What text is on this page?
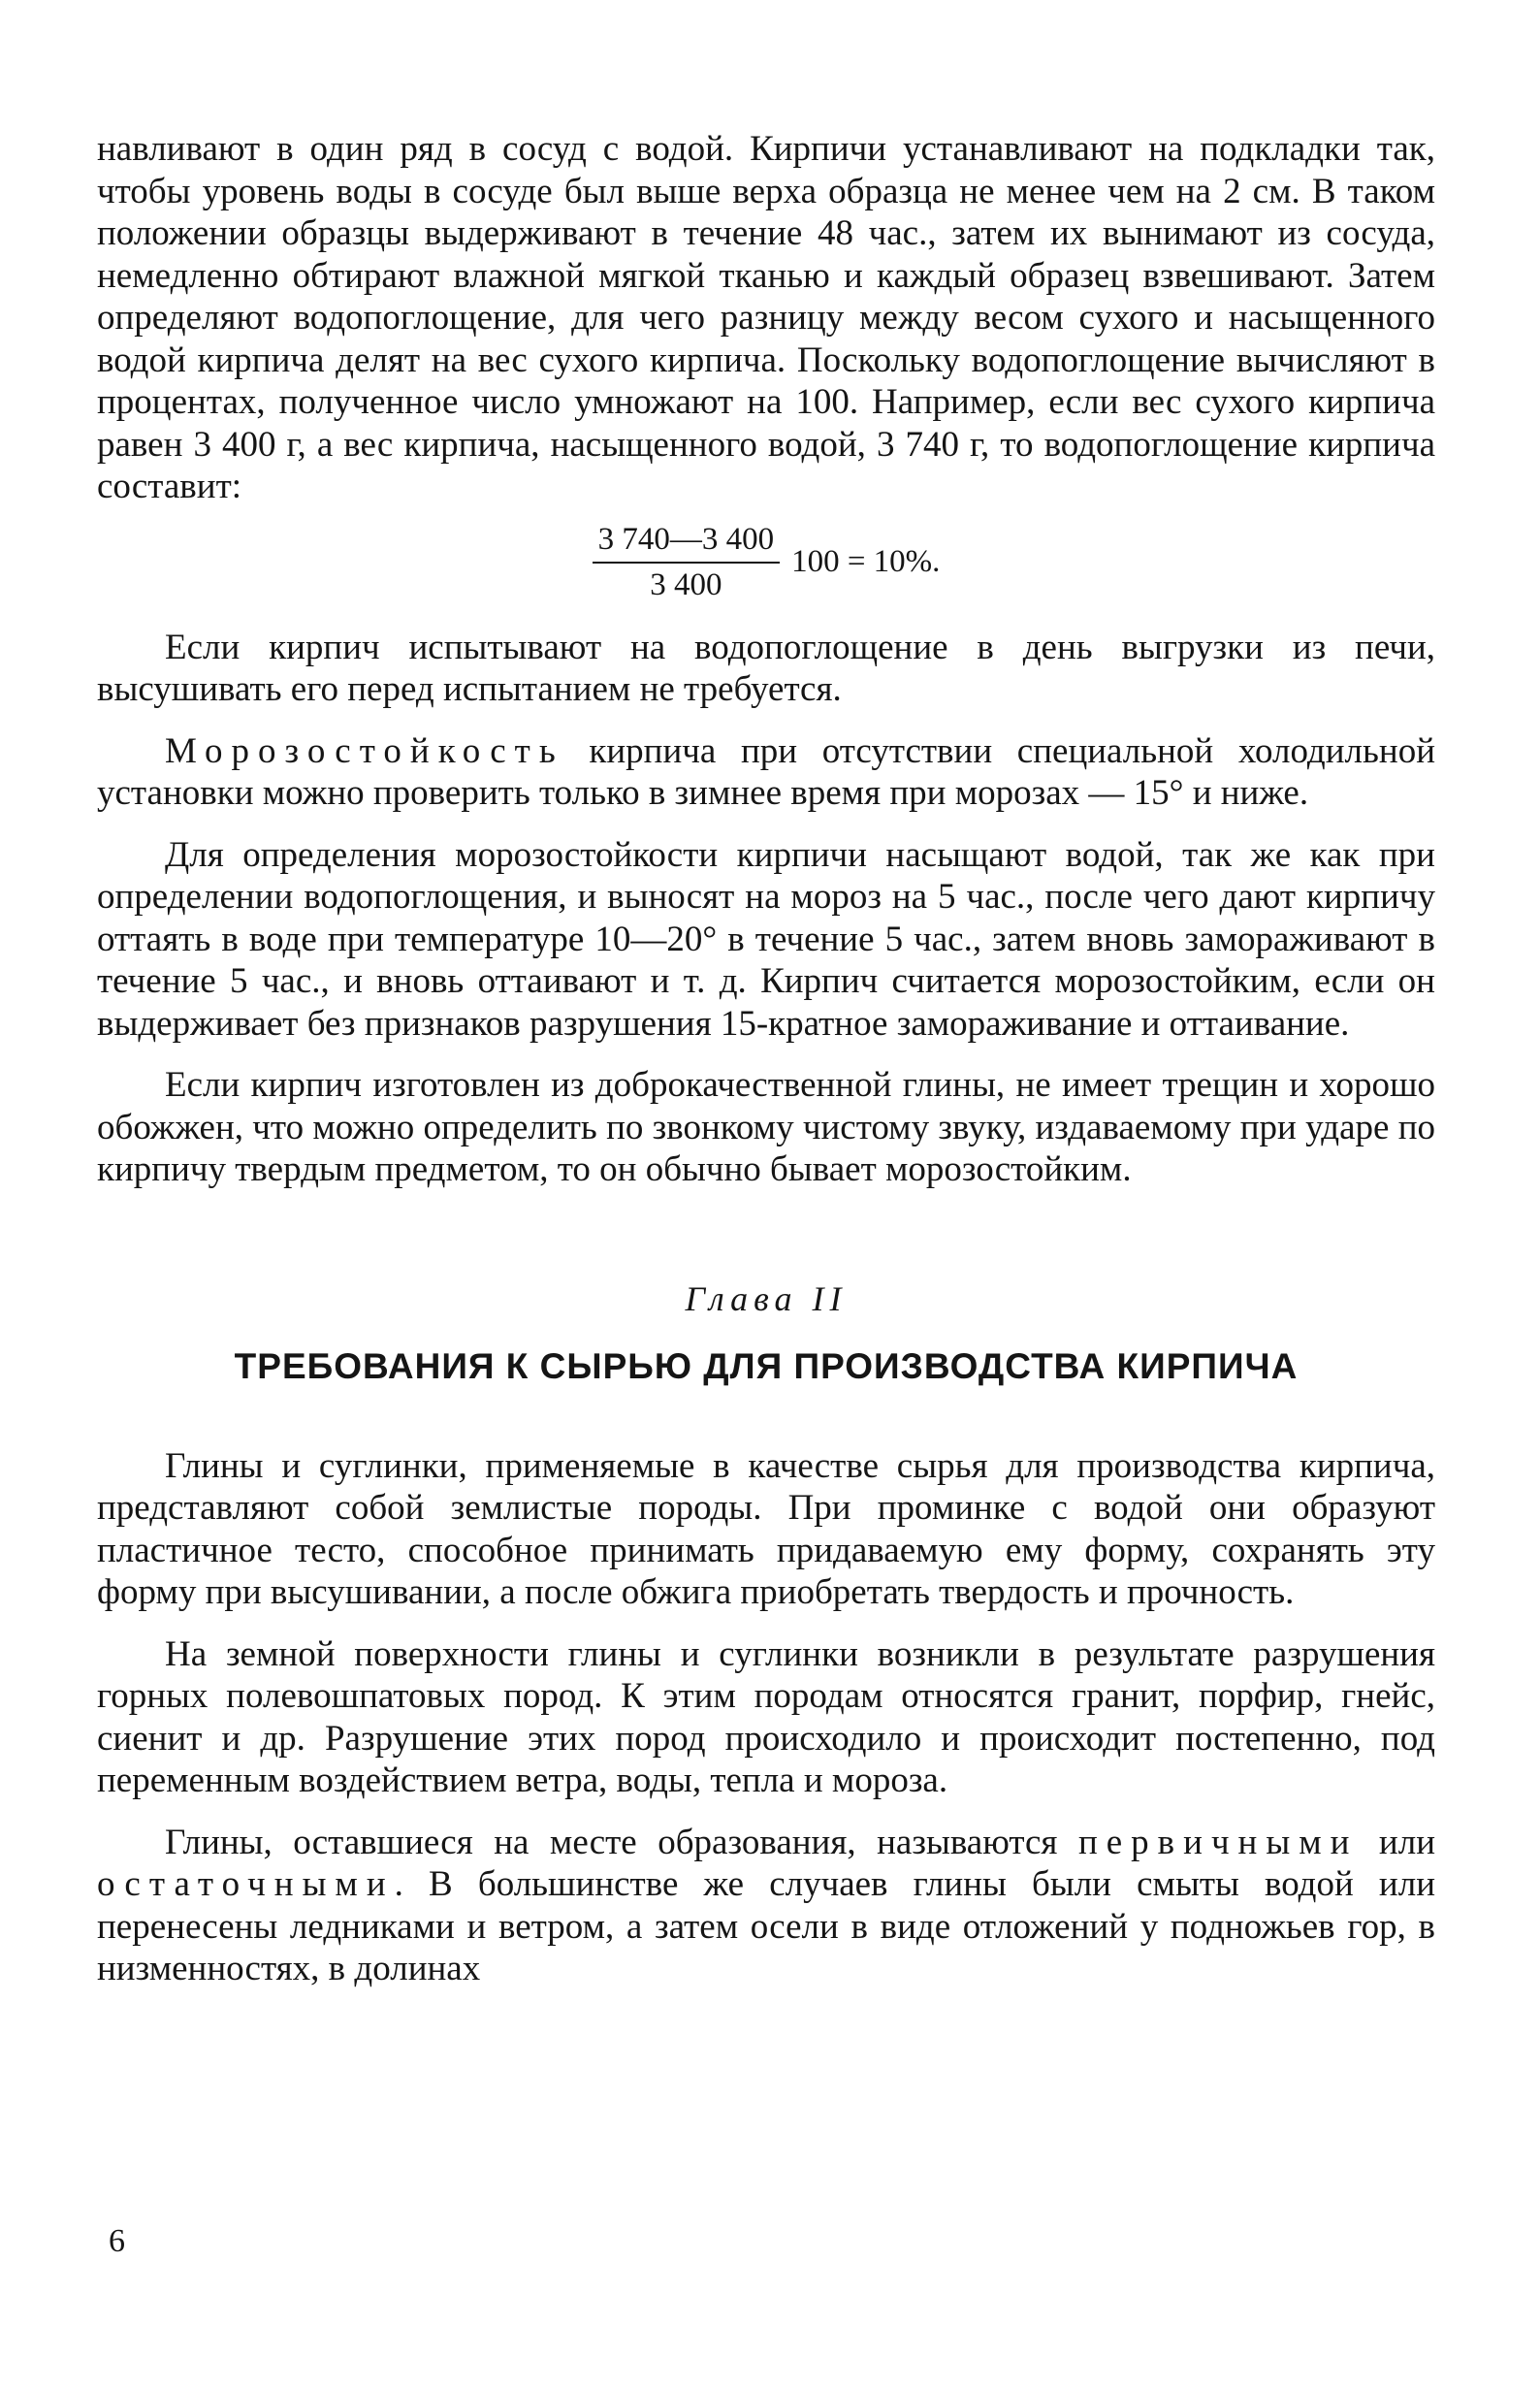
навливают в один ряд в сосуд с водой. Кирпичи устанавливают на подкладки так, чтобы уровень воды в сосуде был выше верха образца не менее чем на 2 см. В таком положении образцы выдерживают в течение 48 час., затем их вынимают из сосуда, немедленно обтирают влажной мягкой тканью и каждый образец взвешивают. Затем определяют водопоглощение, для чего разницу между весом сухого и насыщенного водой кирпича делят на вес сухого кирпича. Поскольку водопоглощение вычисляют в процентах, полученное число умножают на 100. Например, если вес сухого кирпича равен 3 400 г, а вес кирпича, насыщенного водой, 3 740 г, то водопоглощение кирпича составит:

$\frac{3 740—3 400}{3 400} 100 = 10\%$.

Если кирпич испытывают на водопоглощение в день выгрузки из печи, высушивать его перед испытанием не требуется.

Морозостойкость кирпича при отсутствии специальной холодильной установки можно проверить только в зимнее время при морозах — 15° и ниже.

Для определения морозостойкости кирпичи насыщают водой, так же как при определении водопоглощения, и выносят на мороз на 5 час., после чего дают кирпичу оттаять в воде при температуре 10—20° в течение 5 час., затем вновь замораживают в течение 5 час., и вновь оттаивают и т. д. Кирпич считается морозостойким, если он выдерживает без признаков разрушения 15-кратное замораживание и оттаивание.

Если кирпич изготовлен из доброкачественной глины, не имеет трещин и хорошо обожжен, что можно определить по звонкому чистому звуку, издаваемому при ударе по кирпичу твердым предметом, то он обычно бывает морозостойким.

Глава II
ТРЕБОВАНИЯ К СЫРЬЮ ДЛЯ ПРОИЗВОДСТВА КИРПИЧА

Глины и суглинки, применяемые в качестве сырья для производства кирпича, представляют собой землистые породы. При проминке с водой они образуют пластичное тесто, способное принимать придаваемую ему форму, сохранять эту форму при высушивании, а после обжига приобретать твердость и прочность.

На земной поверхности глины и суглинки возникли в результате разрушения горных полевошпатовых пород. К этим породам относятся гранит, порфир, гнейс, сиенит и др. Разрушение этих пород происходило и происходит постепенно, под переменным воздействием ветра, воды, тепла и мороза.

Глины, оставшиеся на месте образования, называются первичными или остаточными. В большинстве же случаев глины были смыты водой или перенесены ледниками и ветром, а затем осели в виде отложений у подножьев гор, в низменностях, в долинах

6
